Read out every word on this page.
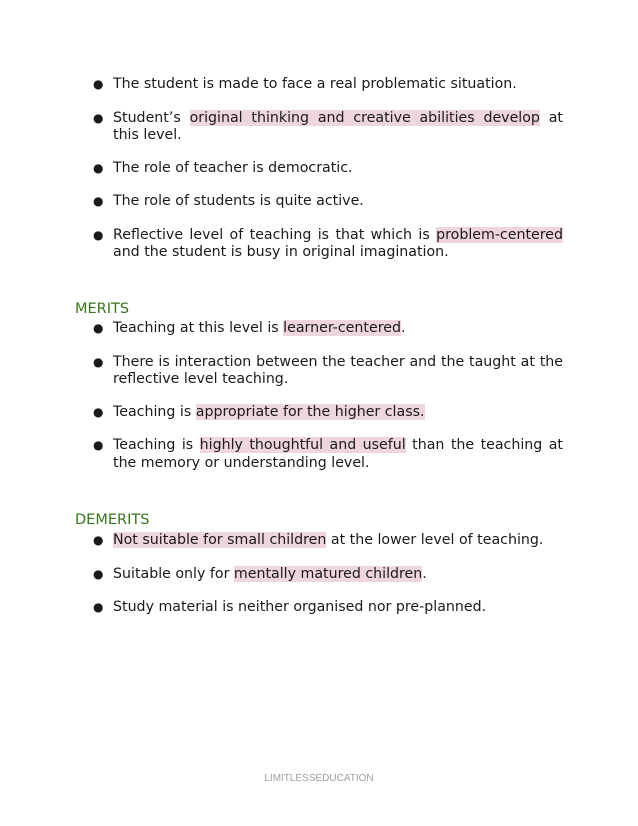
● The student is made to face a real problematic situation.
● Student’s original thinking and creative abilities develop at this level.
● The role of teacher is democratic.
● The role of students is quite active.
● Reflective level of teaching is that which is problem-centered and the student is busy in original imagination.
MERITS
● Teaching at this level is learner-centered.
● There is interaction between the teacher and the taught at the reflective level teaching.
● Teaching is appropriate for the higher class.
● Teaching is highly thoughtful and useful than the teaching at the memory or understanding level.
DEMERITS
● Not suitable for small children at the lower level of teaching.
● Suitable only for mentally matured children.
● Study material is neither organised nor pre-planned.
LIMITLESSEDUCATION
